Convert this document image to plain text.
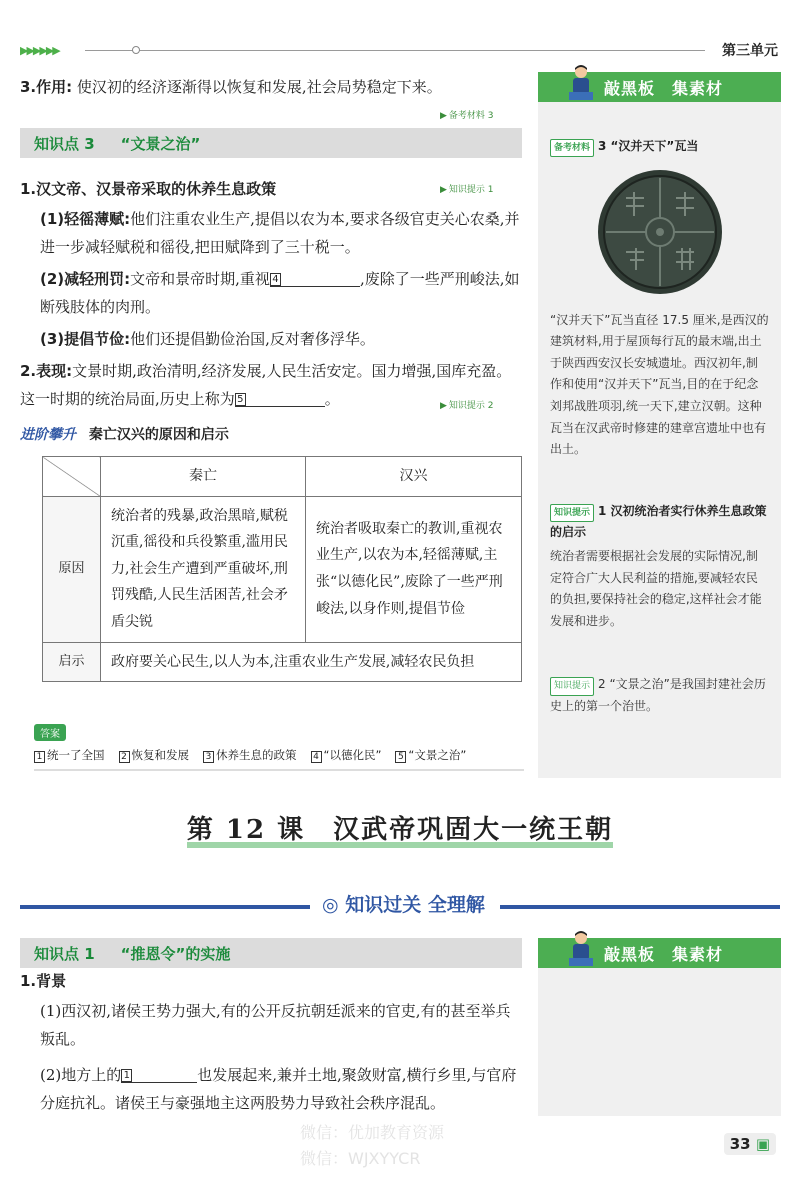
▶▶▶▶▶▶	第三单元
3.作用: 使汉初的经济逐渐得以恢复和发展,社会局势稳定下来。
▶ 备考材料 3
知识点 3 “文景之治”
1.汉文帝、汉景帝采取的休养生息政策	▶ 知识提示 1
(1)轻徭薄赋:他们注重农业生产,提倡以农为本,要求各级官吏关心农桑,并进一步减轻赋税和徭役,把田赋降到了三十税一。
(2)减轻刑罚:文帝和景帝时期,重视 4	,废除了一些严刑峻法,如断残肢体的肉刑。
(3)提倡节俭:他们还提倡勤俭治国,反对奢侈浮华。
2.表现:文景时期,政治清明,经济发展,人民生活安定。国力增强,国库充盈。这一时期的统治局面,历史上称为 5	。	▶ 知识提示 2
进阶攀升 秦亡汉兴的原因和启示
	秦亡	汉兴
原因	统治者的残暴,政治黑暗,赋税沉重,徭役和兵役繁重,滥用民力,社会生产遭到严重破坏,刑罚残酷,人民生活困苦,社会矛盾尖锐	统治者吸取秦亡的教训,重视农业生产,以农为本,轻徭薄赋,主张“以德化民”,废除了一些严刑峻法,以身作则,提倡节俭
启示	政府要关心民生,以人为本,注重农业生产发展,减轻农民负担	
答案
1 统一了全国 2 恢复和发展 3 休养生息的政策 4 “以德化民” 5 “文景之治”
第 12 课　汉武帝巩固大一统王朝
◎ 知识过关 全理解
知识点 1 “推恩令”的实施
1.背景
(1)西汉初,诸侯王势力强大,有的公开反抗朝廷派来的官吏,有的甚至举兵叛乱。
(2)地方上的 1	也发展起来,兼并土地,聚敛财富,横行乡里,与官府分庭抗礼。诸侯王与豪强地主这两股势力导致社会秩序混乱。
敲黑板　集素材
备考材料 3 “汉并天下”瓦当
“汉并天下”瓦当直径 17.5 厘米,是西汉的建筑材料,用于屋顶每行瓦的最末端,出土于陕西西安汉长安城遗址。西汉初年,制作和使用“汉并天下”瓦当,目的在于纪念刘邦战胜项羽,统一天下,建立汉朝。这种瓦当在汉武帝时修建的建章宫遗址中也有出土。
知识提示 1 汉初统治者实行休养生息政策的启示
统治者需要根据社会发展的实际情况,制定符合广大人民利益的措施,要减轻农民的负担,要保持社会的稳定,这样社会才能发展和进步。
知识提示 2 “文景之治”是我国封建社会历史上的第一个治世。
敲黑板　集素材
微信：优加教育资源
微信：WJXYYCR
33 ▣
